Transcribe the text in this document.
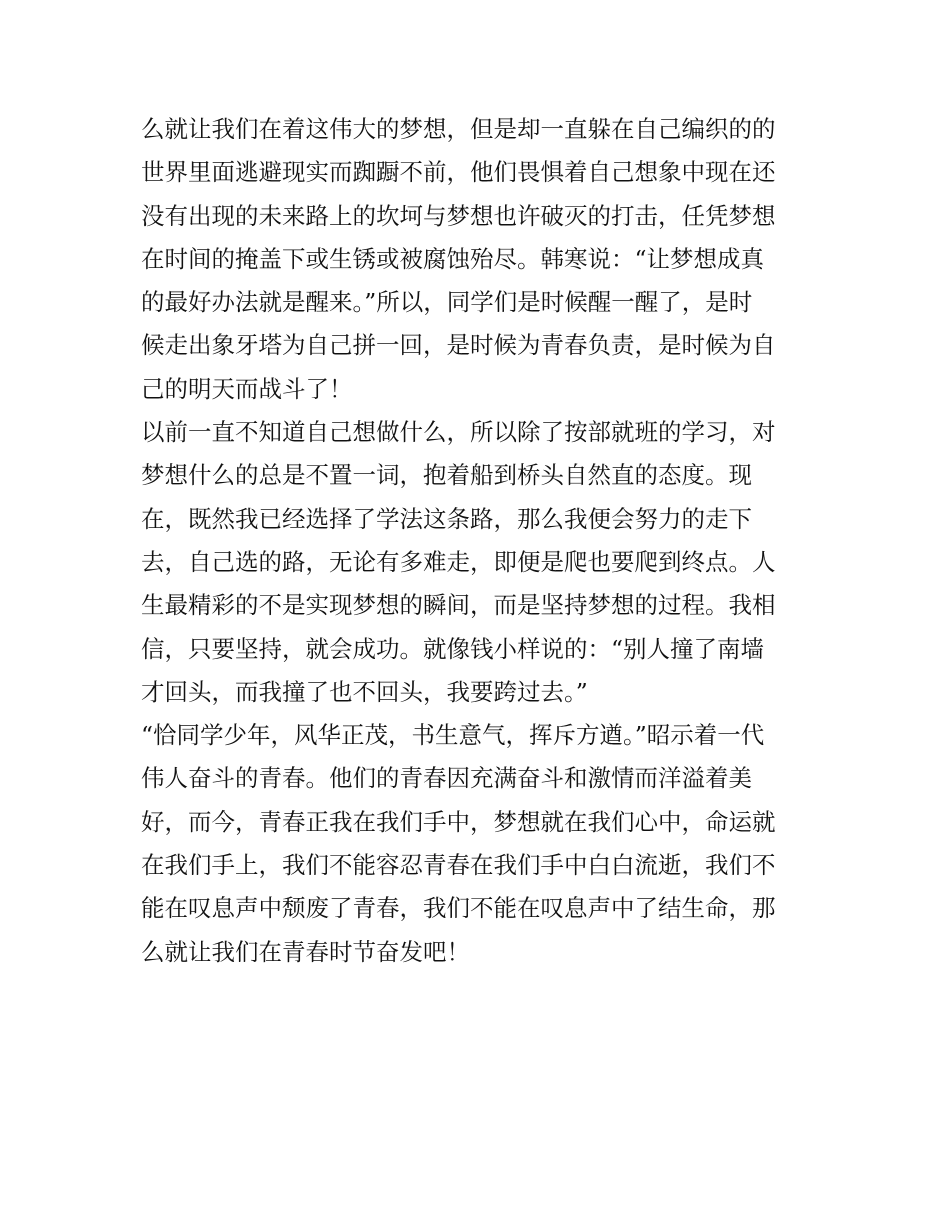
么就让我们在着这伟大的梦想，但是却一直躲在自己编织的的
世界里面逃避现实而踟蹰不前，他们畏惧着自己想象中现在还
没有出现的未来路上的坎坷与梦想也许破灭的打击，任凭梦想
在时间的掩盖下或生锈或被腐蚀殆尽。韩寒说：“让梦想成真
的最好办法就是醒来。”所以，同学们是时候醒一醒了，是时
候走出象牙塔为自己拼一回，是时候为青春负责，是时候为自
己的明天而战斗了！
以前一直不知道自己想做什么，所以除了按部就班的学习，对
梦想什么的总是不置一词，抱着船到桥头自然直的态度。现
在，既然我已经选择了学法这条路，那么我便会努力的走下
去，自己选的路，无论有多难走，即便是爬也要爬到终点。人
生最精彩的不是实现梦想的瞬间，而是坚持梦想的过程。我相
信，只要坚持，就会成功。就像钱小样说的：“别人撞了南墙
才回头，而我撞了也不回头，我要跨过去。”
“恰同学少年，风华正茂，书生意气，挥斥方遒。”昭示着一代
伟人奋斗的青春。他们的青春因充满奋斗和激情而洋溢着美
好，而今，青春正我在我们手中，梦想就在我们心中，命运就
在我们手上，我们不能容忍青春在我们手中白白流逝，我们不
能在叹息声中颓废了青春，我们不能在叹息声中了结生命，那
么就让我们在青春时节奋发吧！
